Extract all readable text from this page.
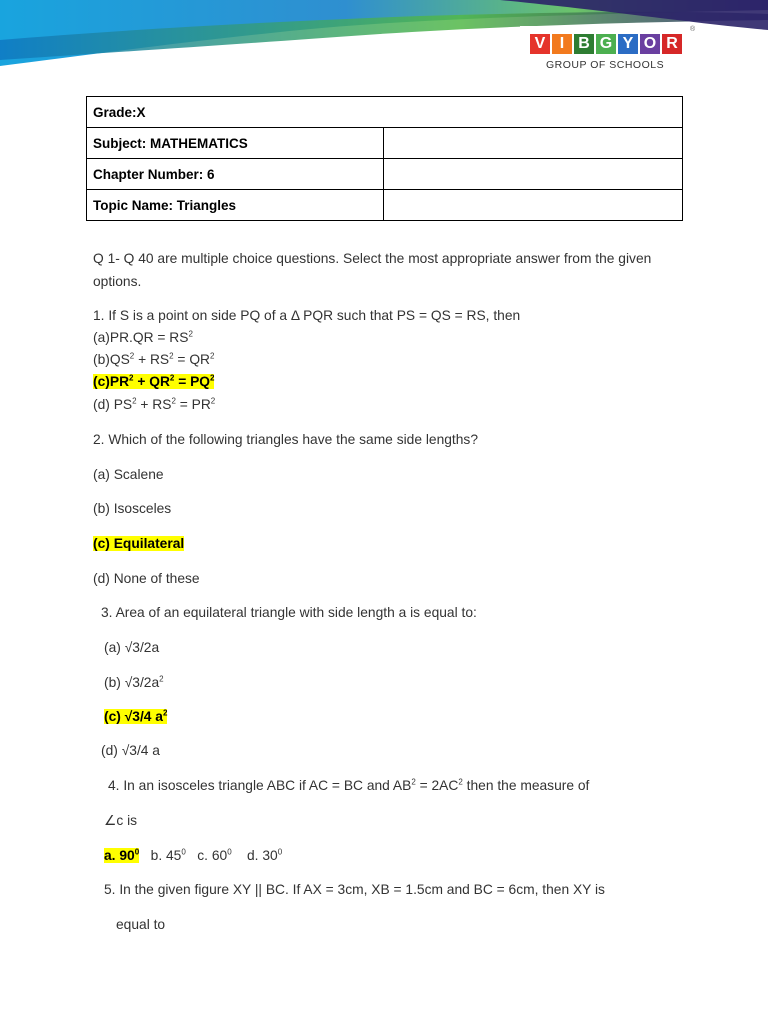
V I B G Y O R
GROUP OF SCHOOLS
®
Grade:X	
Subject: MATHEMATICS	
Chapter Number: 6	
Topic Name: Triangles	
Q 1- Q 40 are multiple choice questions. Select the most appropriate answer from the given
options.
1. If S is a point on side PQ of a Δ PQR such that PS = QS = RS, then
$(a)PR.QR = RS^2$
$(b)QS^2 + RS^2 = QR^2$
$(c)PR^2 + QR^2 = PQ^2$
(d) $PS^2 + RS^2 = PR^2$
2. Which of the following triangles have the same side lengths?
(a) Scalene
(b) Isosceles
(c) Equilateral
(d) None of these
3. Area of an equilateral triangle with side length a is equal to:
(a) √3/2a
(b) $√3/2a^2$
(c) √3/4 $a^2$
(d) √3/4 a
4. In an isosceles triangle ABC if AC = BC and $AB^2 = 2AC^2$ then the measure of
∠c is
a. $90^0$ b. $45^0$ c. $60^0$ d. $30^0$
5. In the given figure XY || BC. If AX = 3cm, XB = 1.5cm and BC = 6cm, then XY is
equal to
